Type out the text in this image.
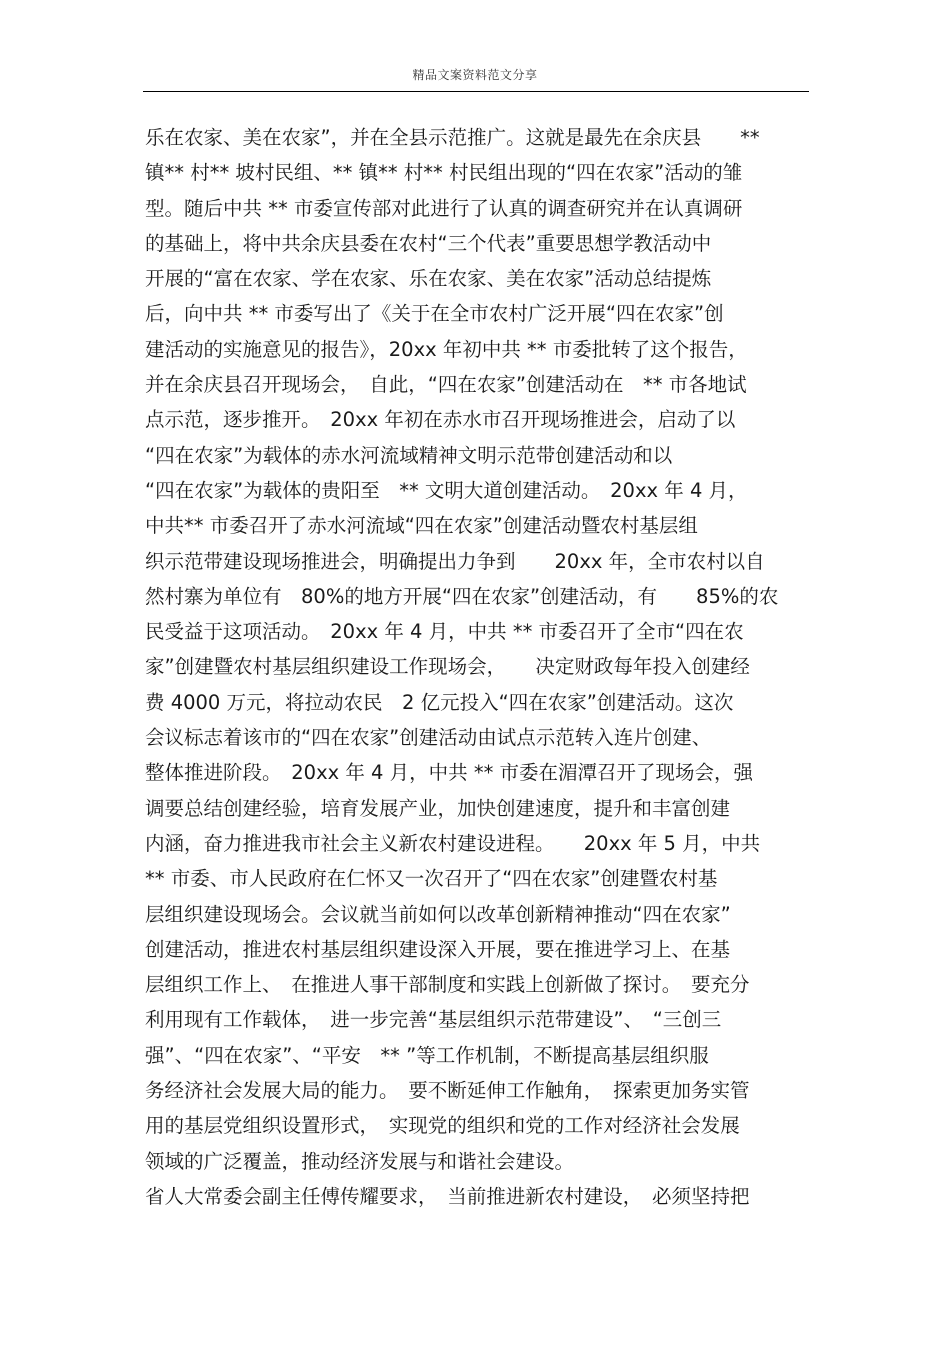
精品文案资料范文分享
乐在农家、美在农家”，并在全县示范推广。这就是最先在余庆县　　**
镇** 村** 坡村民组、** 镇** 村** 村民组出现的“四在农家”活动的雏
型。随后中共 ** 市委宣传部对此进行了认真的调查研究并在认真调研
的基础上，将中共余庆县委在农村“三个代表”重要思想学教活动中
开展的“富在农家、学在农家、乐在农家、美在农家”活动总结提炼
后，向中共 ** 市委写出了《关于在全市农村广泛开展“四在农家”创
建活动的实施意见的报告》，20xx 年初中共 ** 市委批转了这个报告，
并在余庆县召开现场会，　自此，“四在农家”创建活动在　** 市各地试
点示范，逐步推开。　20xx 年初在赤水市召开现场推进会，启动了以
“四在农家”为载体的赤水河流域精神文明示范带创建活动和以
“四在农家”为载体的贵阳至　** 文明大道创建活动。　20xx 年 4 月，
中共** 市委召开了赤水河流域“四在农家”创建活动暨农村基层组
织示范带建设现场推进会，明确提出力争到　　20xx 年，全市农村以自
然村寨为单位有　80%的地方开展“四在农家”创建活动，有　　85%的农
民受益于这项活动。　20xx 年 4 月，中共 ** 市委召开了全市“四在农
家”创建暨农村基层组织建设工作现场会，　　决定财政每年投入创建经
费 4000 万元，将拉动农民　2 亿元投入“四在农家”创建活动。这次
会议标志着该市的“四在农家”创建活动由试点示范转入连片创建、
整体推进阶段。　20xx 年 4 月，中共 ** 市委在湄潭召开了现场会，强
调要总结创建经验，培育发展产业，加快创建速度，提升和丰富创建
内涵，奋力推进我市社会主义新农村建设进程。　　20xx 年 5 月，中共
** 市委、市人民政府在仁怀又一次召开了“四在农家”创建暨农村基
层组织建设现场会。会议就当前如何以改革创新精神推动“四在农家”
创建活动，推进农村基层组织建设深入开展，要在推进学习上、在基
层组织工作上、　在推进人事干部制度和实践上创新做了探讨。　要充分
利用现有工作载体，　进一步完善“基层组织示范带建设”、　“三创三
强”、“四在农家”、“平安　** ”等工作机制，不断提高基层组织服
务经济社会发展大局的能力。　要不断延伸工作触角，　探索更加务实管
用的基层党组织设置形式，　实现党的组织和党的工作对经济社会发展
领域的广泛覆盖，推动经济发展与和谐社会建设。
省人大常委会副主任傅传耀要求，　当前推进新农村建设，　必须坚持把
